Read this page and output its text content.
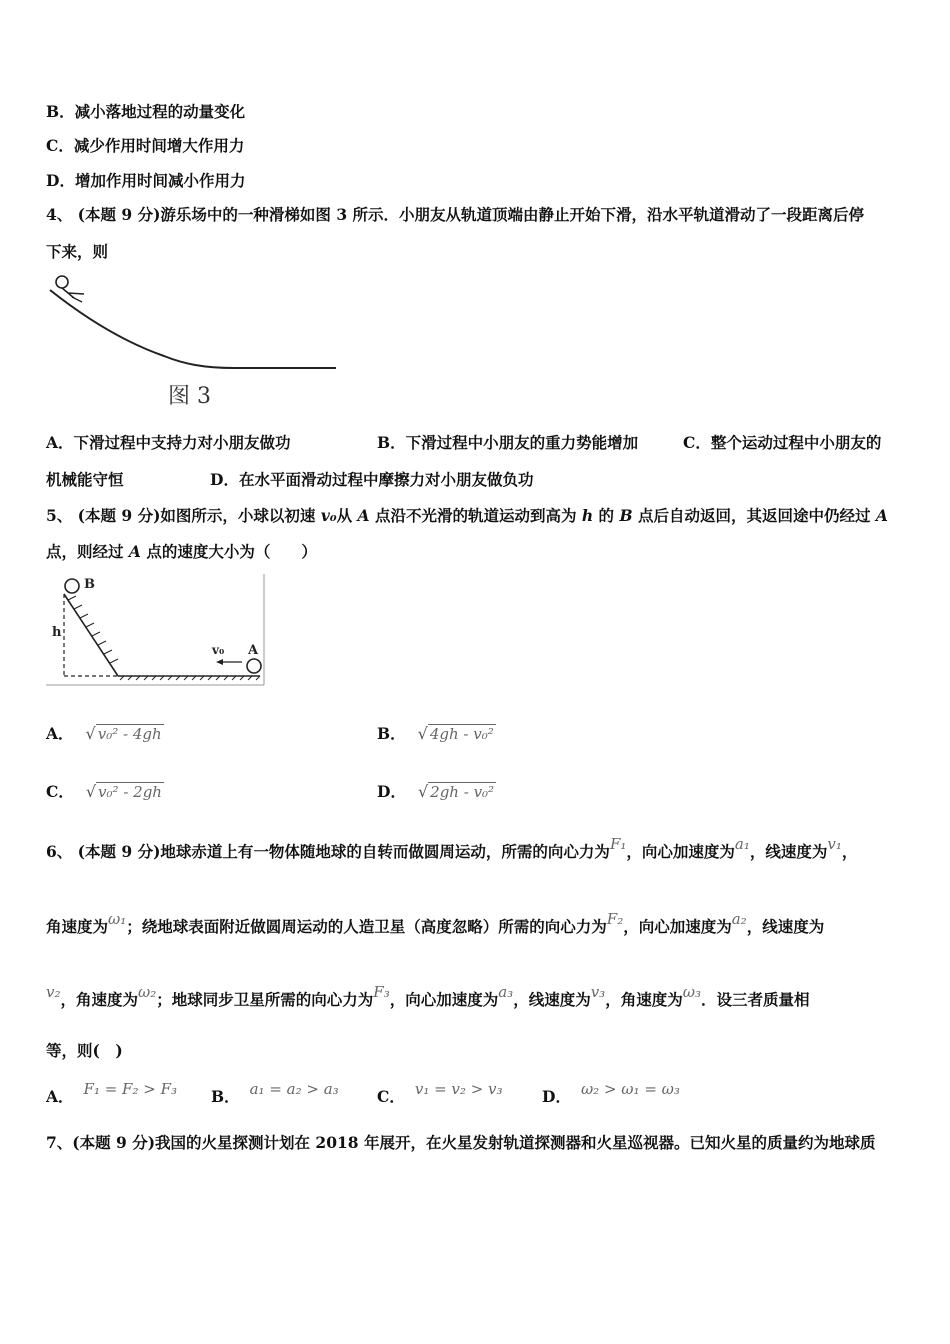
B．减小落地过程的动量变化
C．减少作用时间增大作用力
D．增加作用时间减小作用力
4、 (本题 9 分)游乐场中的一种滑梯如图 3 所示．小朋友从轨道顶端由静止开始下滑，沿水平轨道滑动了一段距离后停
下来，则
图 3
A．下滑过程中支持力对小朋友做功	B．下滑过程中小朋友的重力势能增加	C．整个运动过程中小朋友的
机械能守恒	D．在水平面滑动过程中摩擦力对小朋友做负功
5、 (本题 9 分)如图所示，小球以初速 v₀从 A 点沿不光滑的轨道运动到高为 h 的 B 点后自动返回，其返回途中仍经过 A
点，则经过 A 点的速度大小为（　　）
B
h
A
v₀
A． √ v₀² - 4gh	B． √ 4gh - v₀²
C． √ v₀² - 2gh	D． √ 2gh - v₀²
6、 (本题 9 分)地球赤道上有一物体随地球的自转而做圆周运动，所需的向心力为F₁，向心加速度为a₁，线速度为v₁，
角速度为ω₁；绕地球表面附近做圆周运动的人造卫星（高度忽略）所需的向心力为F₂，向心加速度为a₂，线速度为
v₂，角速度为ω₂；地球同步卫星所需的向心力为F₃，向心加速度为a₃，线速度为v₃，角速度为ω₃．设三者质量相
等，则(　)
A． F₁ = F₂ > F₃ B． a₁ = a₂ > a₃ C． v₁ = v₂ > v₃	D． ω₂ > ω₁ = ω₃
7、(本题 9 分)我国的火星探测计划在 2018 年展开，在火星发射轨道探测器和火星巡视器。已知火星的质量约为地球质
